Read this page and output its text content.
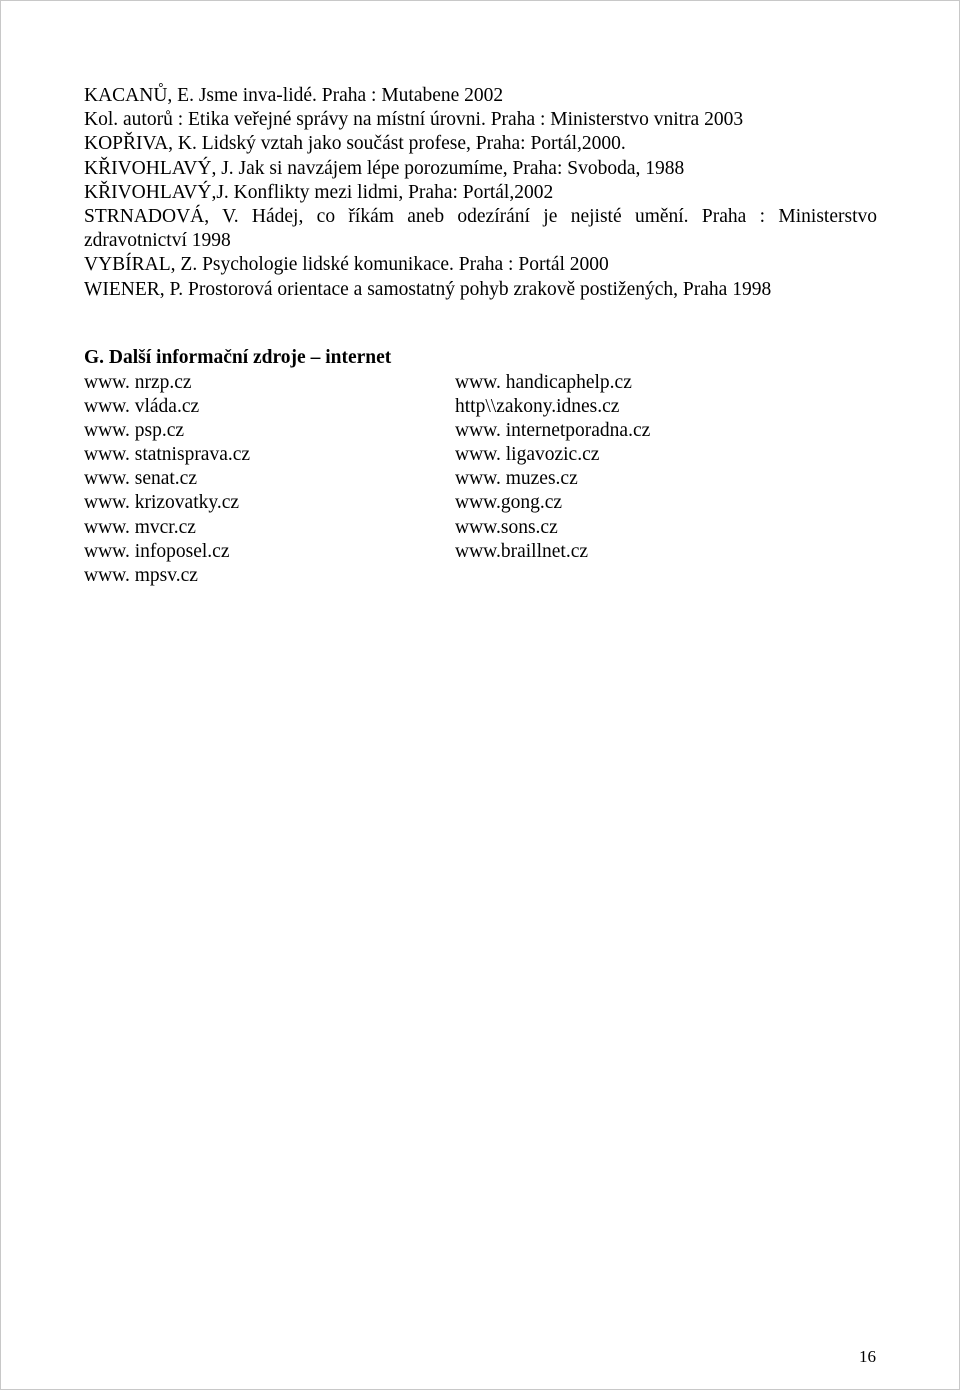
KACANŮ, E. Jsme inva-lidé. Praha : Mutabene 2002
Kol. autorů : Etika veřejné správy na místní úrovni. Praha : Ministerstvo vnitra 2003
KOPŘIVA, K. Lidský vztah jako součást profese, Praha: Portál,2000.
KŘIVOHLAVÝ, J. Jak si navzájem lépe porozumíme, Praha: Svoboda, 1988
KŘIVOHLAVÝ,J. Konflikty mezi lidmi, Praha: Portál,2002
STRNADOVÁ, V. Hádej, co říkám aneb odezírání je nejisté umění. Praha : Ministerstvo zdravotnictví 1998
VYBÍRAL, Z. Psychologie lidské komunikace. Praha : Portál 2000
WIENER, P. Prostorová orientace a samostatný pohyb zrakově postižených, Praha 1998
G. Další informační zdroje – internet
www. nrzp.cz
www. vláda.cz
www. psp.cz
www. statnisprava.cz
www. senat.cz
www. krizovatky.cz
www. mvcr.cz
www. infoposel.cz
www. mpsv.cz
www. handicaphelp.cz
http\\zakony.idnes.cz
www. internetporadna.cz
www. ligavozic.cz
www. muzes.cz
www.gong.cz
www.sons.cz
www.braillnet.cz
16
